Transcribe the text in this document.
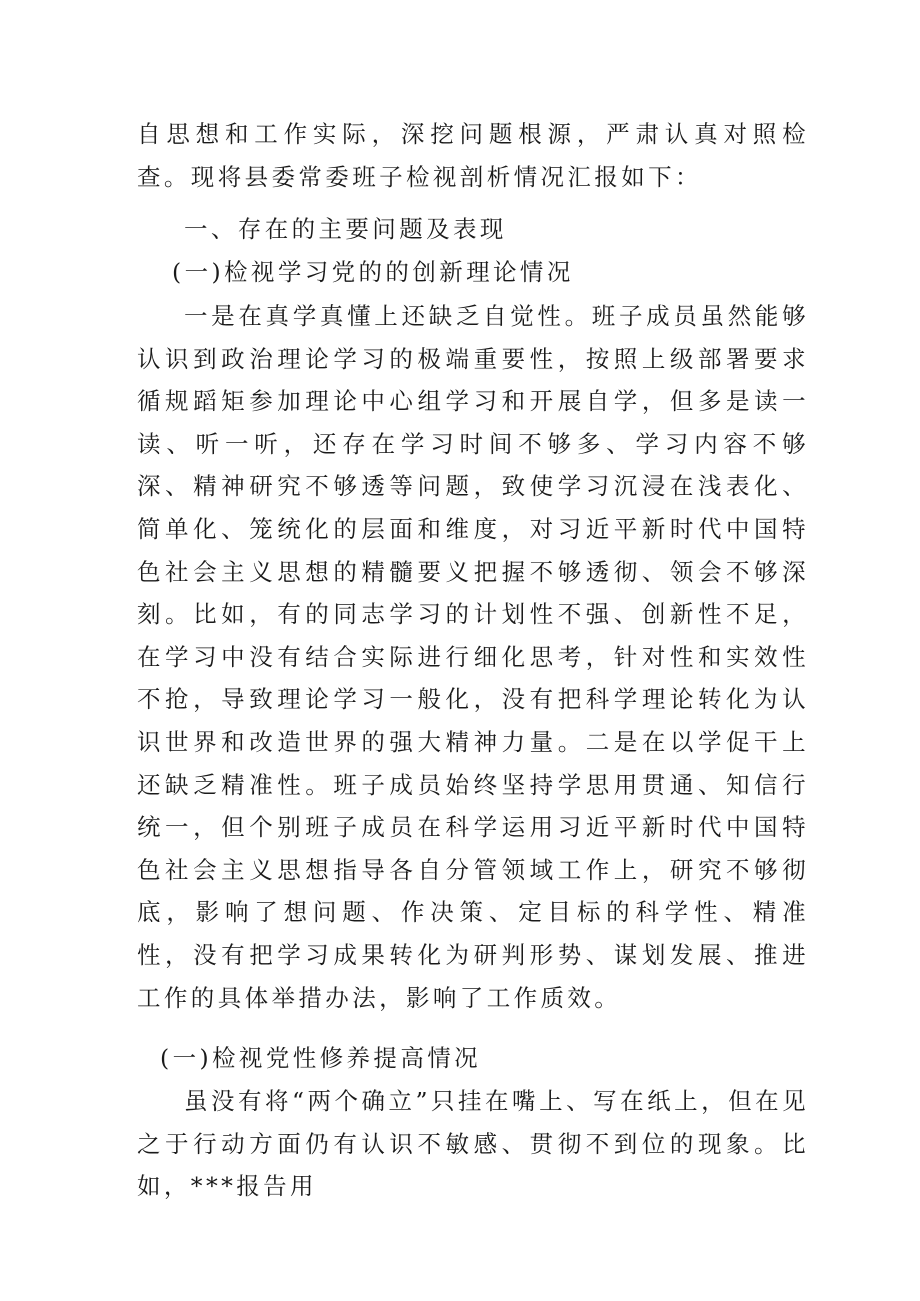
自思想和工作实际，深挖问题根源，严肃认真对照检查。现将县委常委班子检视剖析情况汇报如下：
一、存在的主要问题及表现
(一)检视学习党的的创新理论情况
一是在真学真懂上还缺乏自觉性。班子成员虽然能够认识到政治理论学习的极端重要性，按照上级部署要求循规蹈矩参加理论中心组学习和开展自学，但多是读一读、听一听，还存在学习时间不够多、学习内容不够深、精神研究不够透等问题，致使学习沉浸在浅表化、简单化、笼统化的层面和维度，对习近平新时代中国特色社会主义思想的精髓要义把握不够透彻、领会不够深刻。比如，有的同志学习的计划性不强、创新性不足，在学习中没有结合实际进行细化思考，针对性和实效性不抢，导致理论学习一般化，没有把科学理论转化为认识世界和改造世界的强大精神力量。二是在以学促干上还缺乏精准性。班子成员始终坚持学思用贯通、知信行统一，但个别班子成员在科学运用习近平新时代中国特色社会主义思想指导各自分管领域工作上，研究不够彻底，影响了想问题、作决策、定目标的科学性、精准性，没有把学习成果转化为研判形势、谋划发展、推进工作的具体举措办法，影响了工作质效。
(一)检视党性修养提高情况
虽没有将“两个确立”只挂在嘴上、写在纸上，但在见之于行动方面仍有认识不敏感、贯彻不到位的现象。比如，***报告用
